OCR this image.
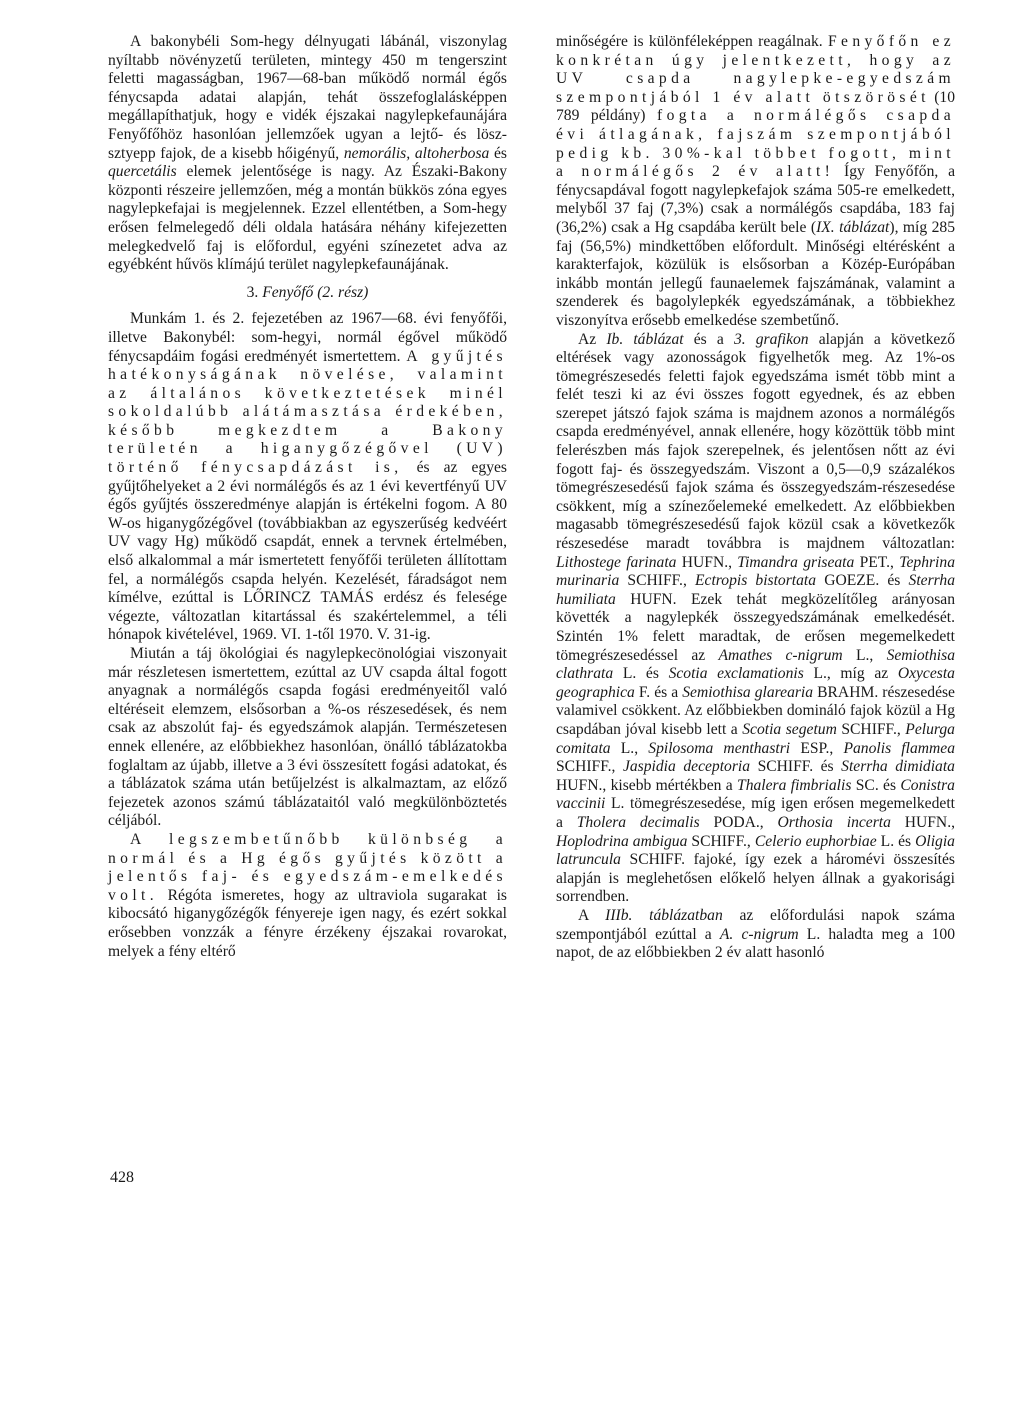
A bakonybéli Som-hegy délnyugati lábánál, viszonylag nyíltabb növényzetű területen, mintegy 450 m tengerszint feletti magasságban, 1967—68-ban működő normál égős fénycsapda adatai alapján, tehát összefoglalásképpen megállapíthatjuk, hogy e vidék éjszakai nagylepkefaunájára Fenyőfőhöz hasonlóan jellemzőek ugyan a lejtő- és lösz-sztyepp fajok, de a kisebb hőigényű, nemorális, altoherbosa és quercetális elemek jelentősége is nagy. Az Északi-Bakony központi részeire jellemzően, még a montán bükkös zóna egyes nagylepkefajai is megjelennek. Ezzel ellentétben, a Som-hegy erősen felmelegedő déli oldala hatására néhány kifejezetten melegkedvelő faj is előfordul, egyéni színezetet adva az egyébként hűvös klímájú terület nagylepkefaunájának.

3. Fenyőfő (2. rész)

Munkám 1. és 2. fejezetében az 1967—68. évi fenyőfői, illetve Bakonybél: som-hegyi, normál égővel működő fénycsapdáim fogási eredményét ismertettem. A gyűjtés hatékonyságának növelése, valamint az általános következtetések minél sokoldalúbb alátámasztása érdekében, később megkezdtem a Bakony területén a higanygőzégővel (UV) történő fénycsapdázást is, és az egyes gyűjtőhelyeket a 2 évi normálégős és az 1 évi kevertfényű UV égős gyűjtés összeredménye alapján is értékelni fogom. A 80 W-os higanygőzégővel (továbbiakban az egyszerűség kedvéért UV vagy Hg) működő csapdát, ennek a tervnek értelmében, első alkalommal a már ismertetett fenyőfői területen állítottam fel, a normálégős csapda helyén. Kezelését, fáradságot nem kímélve, ezúttal is LŐRINCZ TAMÁS erdész és felesége végezte, változatlan kitartással és szakértelemmel, a téli hónapok kivételével, 1969. VI. 1-től 1970. V. 31-ig.

Miután a táj ökológiai és nagylepkecönológiai viszonyait már részletesen ismertettem, ezúttal az UV csapda által fogott anyagnak a normálégős csapda fogási eredményeitől való eltéréseit elemzem, elsősorban a %-os részesedések, és nem csak az abszolút faj- és egyedszámok alapján. Természetesen ennek ellenére, az előbbiekhez hasonlóan, önálló táblázatokba foglaltam az újabb, illetve a 3 évi összesített fogási adatokat, és a táblázatok száma után betűjelzést is alkalmaztam, az előző fejezetek azonos számú táblázataitól való megkülönböztetés céljából.

A legszembetűnőbb különbség a normál és a Hg égős gyűjtés között a jelentős faj- és egyedszám-emelkedés volt. Régóta ismeretes, hogy az ultraviola sugarakat is kibocsátó higanygőzégők fényereje igen nagy, és ezért sokkal erősebben vonzzák a fényre érzékeny éjszakai rovarokat, melyek a fény eltérő

minőségére is különféleképpen reagálnak. Fenyőfőn ez konkrétan úgy jelentkezett, hogy az UV csapda nagylepke-egyedszám szempontjából 1 év alatt ötszörösét (10 789 példány) fogta a normálégős csapda évi átlagának, fajszám szempontjából pedig kb. 30%-kal többet fogott, mint a normálégős 2 év alatt! Így Fenyőfőn, a fénycsapdával fogott nagylepkefajok száma 505-re emelkedett, melyből 37 faj (7,3%) csak a normálégős csapdába, 183 faj (36,2%) csak a Hg csapdába került bele (IX. táblázat), míg 285 faj (56,5%) mindkettőben előfordult. Minőségi eltérésként a karakterfajok, közülük is elsősorban a Közép-Európában inkább montán jellegű faunaelemek fajszámának, valamint a szenderek és bagolylepkék egyedszámának, a többiekhez viszonyítva erősebb emelkedése szembetűnő.

Az Ib. táblázat és a 3. grafikon alapján a következő eltérések vagy azonosságok figyelhetők meg. Az 1%-os tömegrészesedés feletti fajok egyedszáma ismét több mint a felét teszi ki az évi összes fogott egyednek, és az ebben szerepet játszó fajok száma is majdnem azonos a normálégős csapda eredményével, annak ellenére, hogy közöttük több mint felerészben más fajok szerepelnek, és jelentősen nőtt az évi fogott faj- és összegyedszám. Viszont a 0,5—0,9 százalékos tömegrészesedésű fajok száma és összegyedszám-részesedése csökkent, míg a színezőelemeké emelkedett. Az előbbiekben magasabb tömegrészesedésű fajok közül csak a következők részesedése maradt továbbra is majdnem változatlan: Lithostege farinata HUFN., Timandra griseata PET., Tephrina murinaria SCHIFF., Ectropis bistortata GOEZE. és Sterrha humiliata HUFN. Ezek tehát megközelítőleg arányosan követték a nagylepkék összegyedszámának emelkedését. Szintén 1% felett maradtak, de erősen megemelkedett tömegrészesedéssel az Amathes c-nigrum L., Semiothisa clathrata L. és Scotia exclamationis L., míg az Oxycesta geographica F. és a Semiothisa glarearia BRAHM. részesedése valamivel csökkent. Az előbbiekben domináló fajok közül a Hg csapdában jóval kisebb lett a Scotia segetum SCHIFF., Pelurga comitata L., Spilosoma menthastri ESP., Panolis flammea SCHIFF., Jaspidia deceptoria SCHIFF. és Sterrha dimidiata HUFN., kisebb mértékben a Thalera fimbrialis SC. és Conistra vaccinii L. tömegrészesedése, míg igen erősen megemelkedett a Tholera decimalis PODA., Orthosia incerta HUFN., Hoplodrina ambigua SCHIFF., Celerio euphorbiae L. és Oligia latruncula SCHIFF. fajoké, így ezek a háromévi összesítés alapján is meglehetősen előkelő helyen állnak a gyakorisági sorrendben.

A IIIb. táblázatban az előfordulási napok száma szempontjából ezúttal a A. c-nigrum L. haladta meg a 100 napot, de az előbbiekben 2 év alatt hasonló

428
